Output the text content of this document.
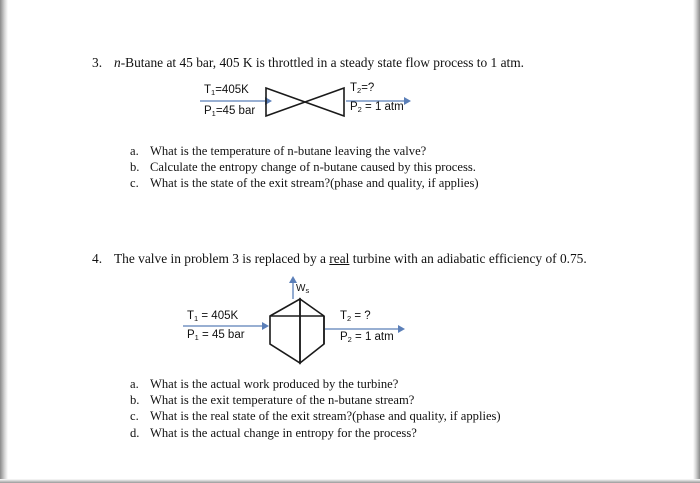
3. n-Butane at 45 bar, 405 K is throttled in a steady state flow process to 1 atm.
$T_1=405K$
$P_1=45$ bar
$T_2=$?
$P_2 = 1$ atm
a. What is the temperature of n-butane leaving the valve?
b. Calculate the entropy change of n-butane caused by this process.
c. What is the state of the exit stream?(phase and quality, if applies)
4. The valve in problem 3 is replaced by a real turbine with an adiabatic efficiency of 0.75.
$W_s$
$T_1 = 405K$
$P_1 = 45$ bar
$T_2$ = ?
$P_2 = 1$ atm
a. What is the actual work produced by the turbine?
b. What is the exit temperature of the n-butane stream?
c. What is the real state of the exit stream?(phase and quality, if applies)
d. What is the actual change in entropy for the process?
